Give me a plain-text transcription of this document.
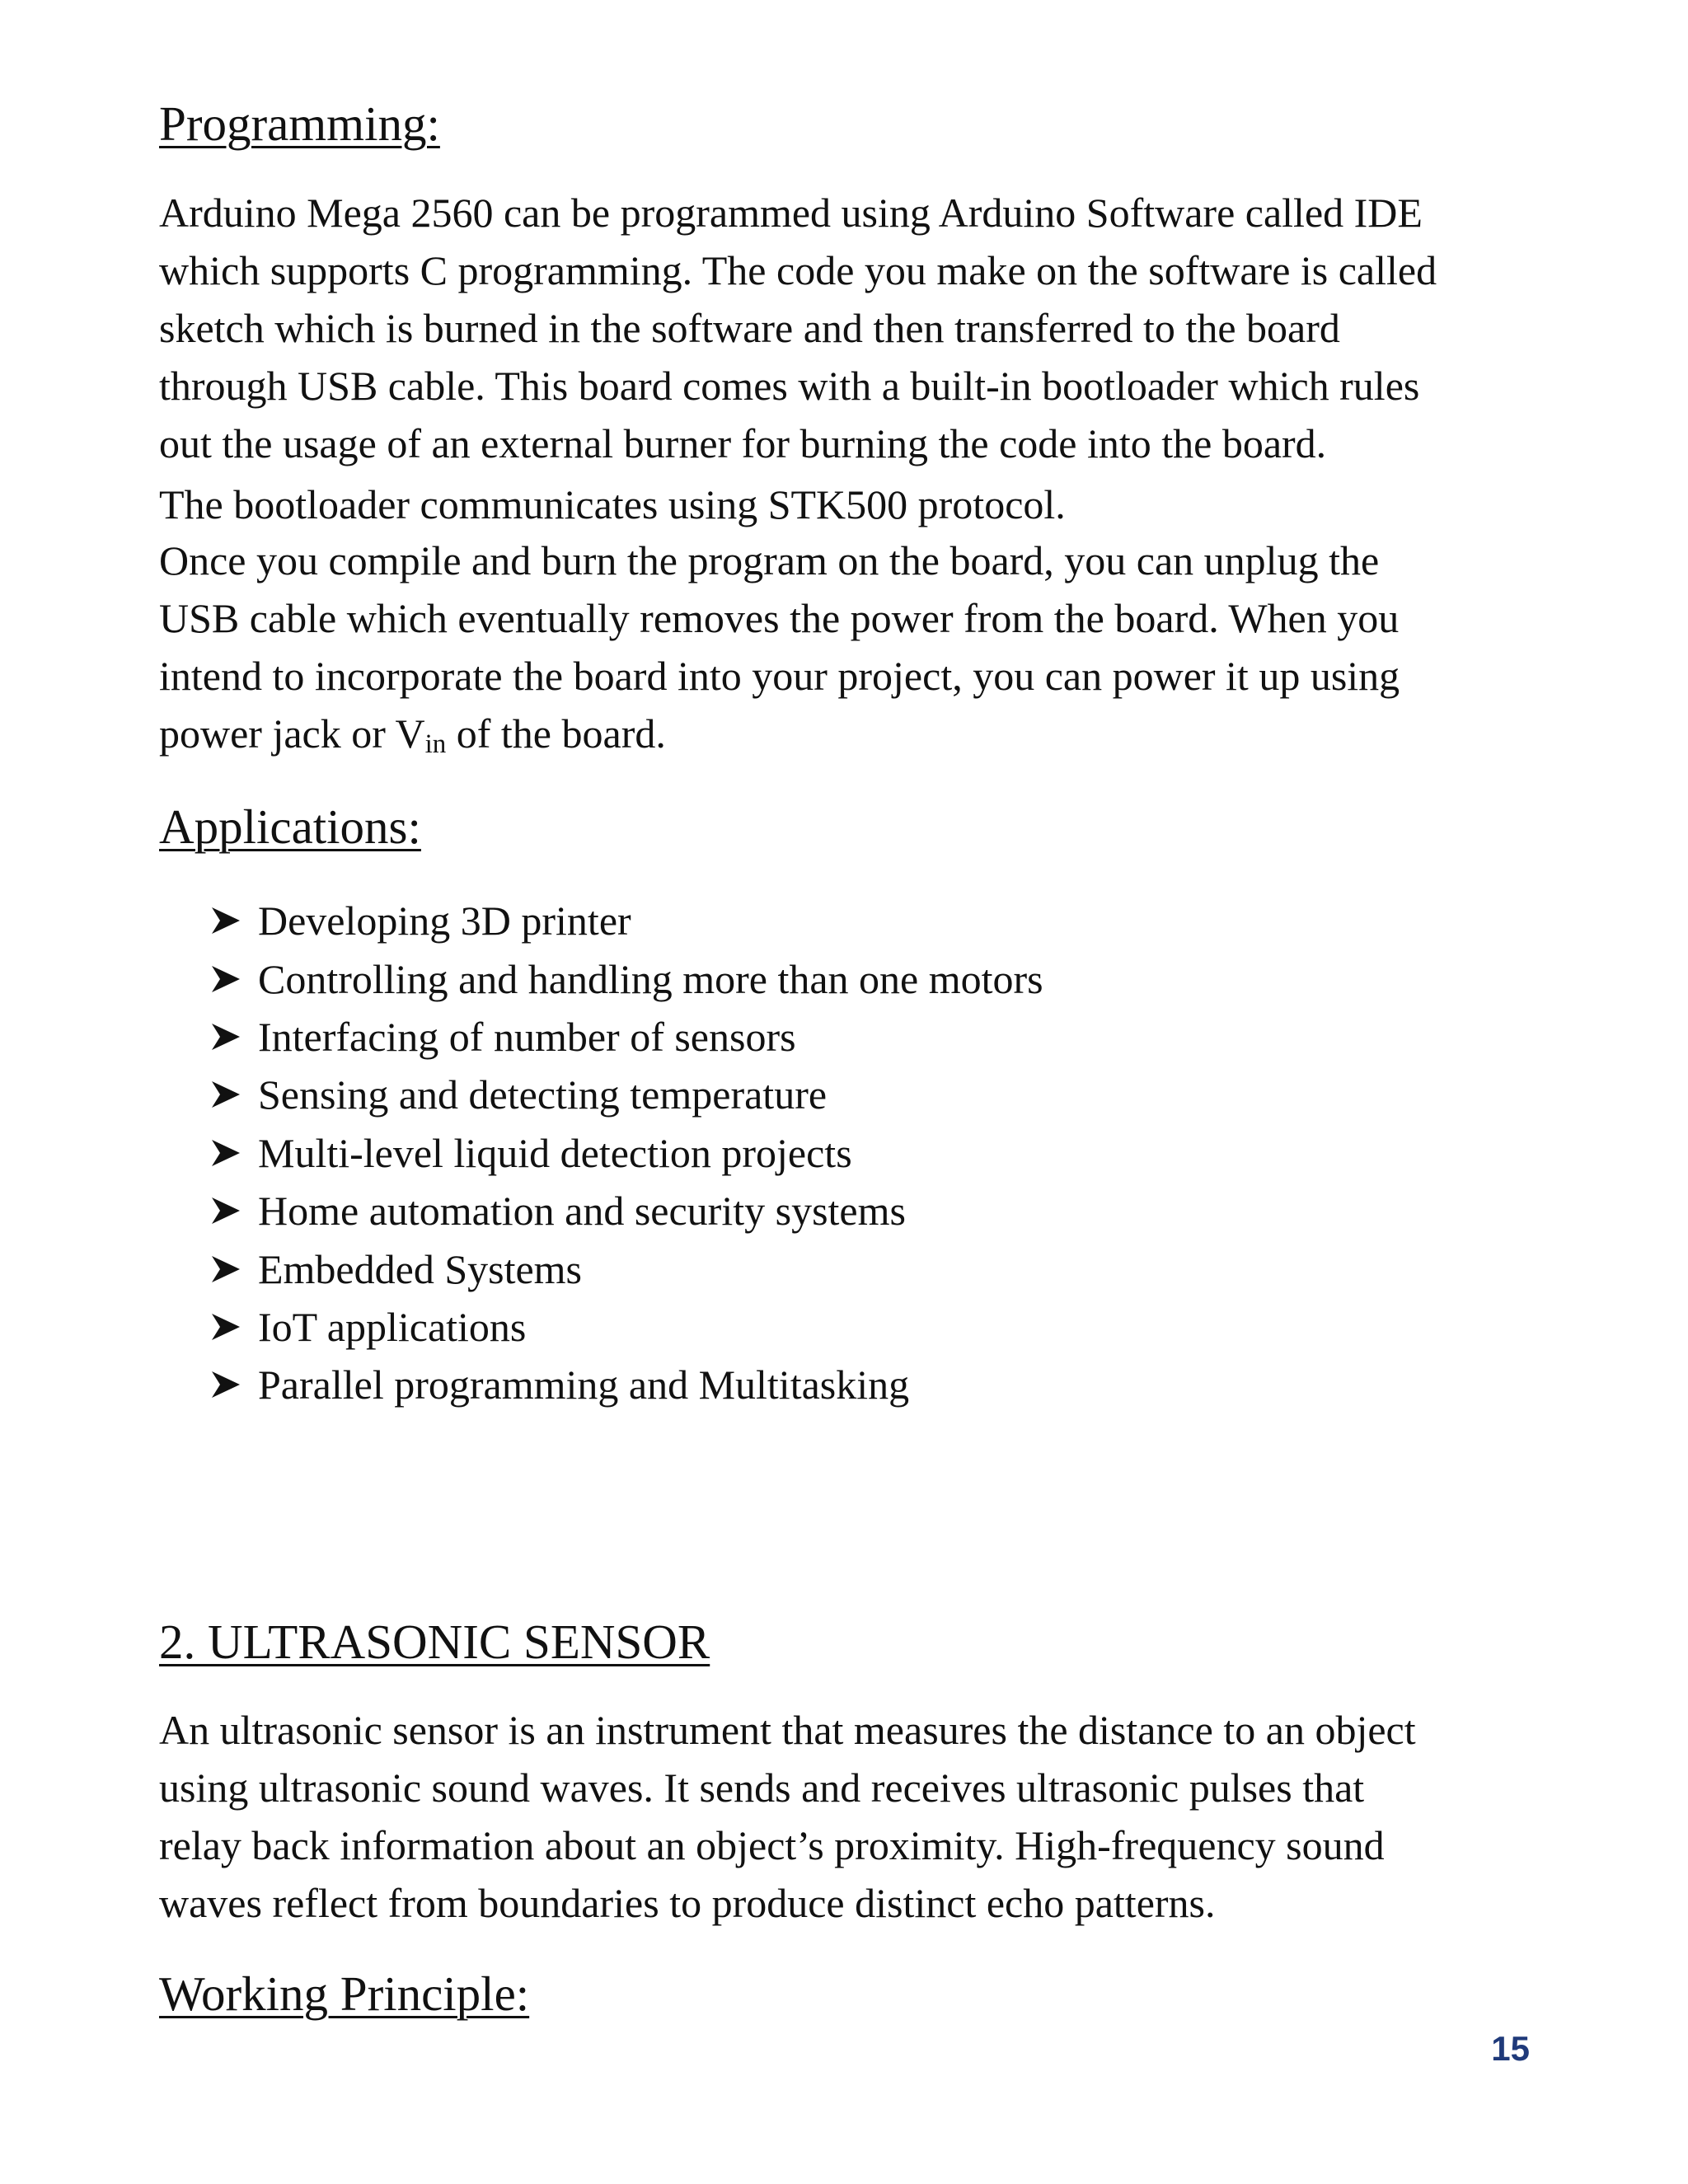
Programming:

Arduino Mega 2560 can be programmed using Arduino Software called IDE

which supports C programming. The code you make on the software is called

sketch which is burned in the software and then transferred to the board

through USB cable. This board comes with a built-in bootloader which rules

out the usage of an external burner for burning the code into the board.

The bootloader communicates using STK500 protocol.

Once you compile and burn the program on the board, you can unplug the

USB cable which eventually removes the power from the board. When you

intend to incorporate the board into your project, you can power it up using

power jack or $V_{in}$ of the board.

Applications:
Developing 3D printer
Controlling and handling more than one motors
Interfacing of number of sensors
Sensing and detecting temperature
Multi-level liquid detection projects
Home automation and security systems
Embedded Systems
IoT applications
Parallel programming and Multitasking
2. ULTRASONIC SENSOR

An ultrasonic sensor is an instrument that measures the distance to an object

using ultrasonic sound waves. It sends and receives ultrasonic pulses that

relay back information about an object’s proximity. High-frequency sound

waves reflect from boundaries to produce distinct echo patterns.

Working Principle:
15
